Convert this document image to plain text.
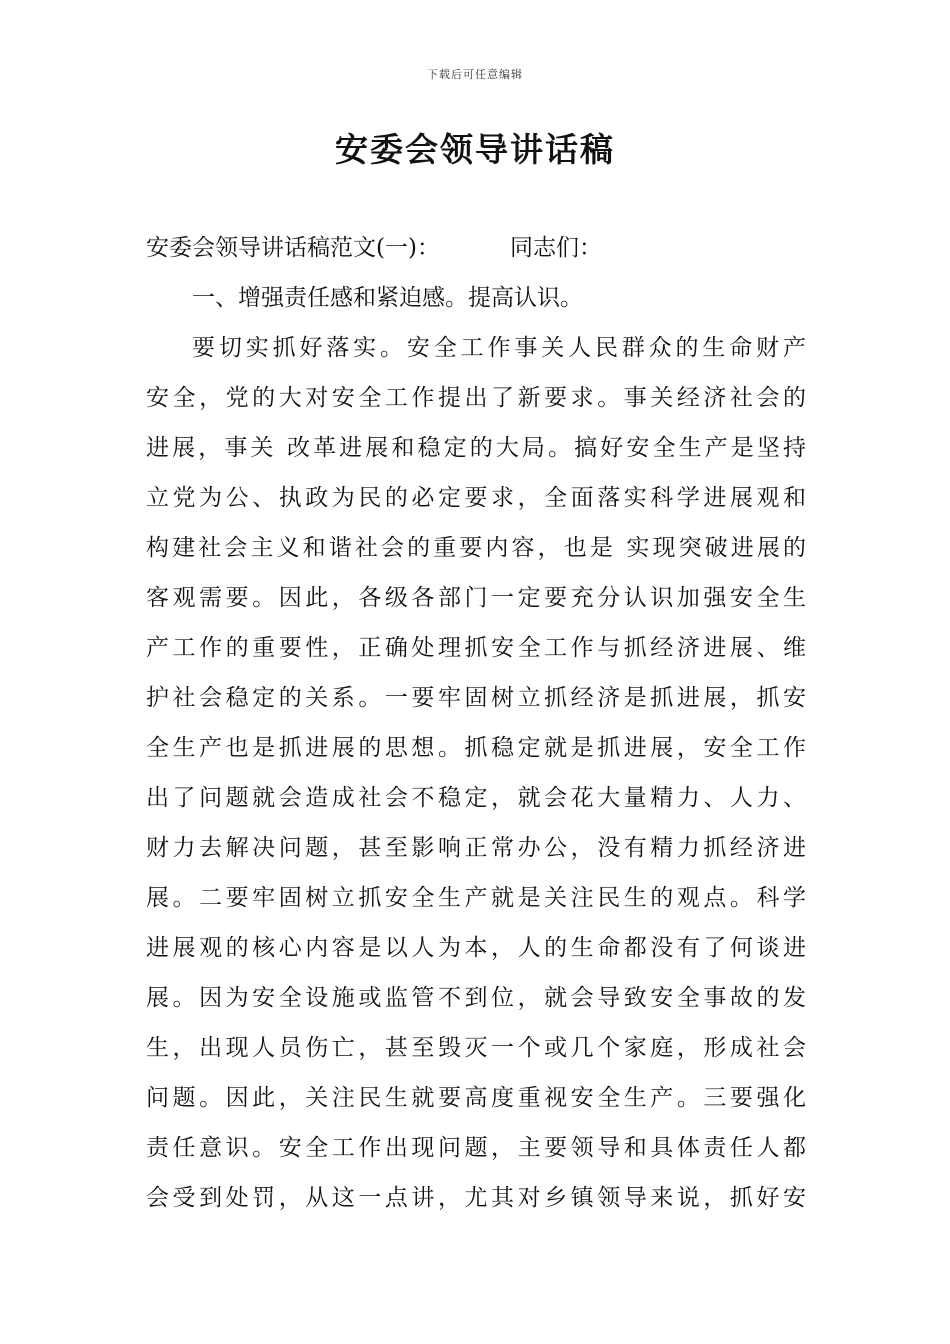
下载后可任意编辑
安委会领导讲话稿
安委会领导讲话稿范文(一)：	同志们：
一、增强责任感和紧迫感。提高认识。
要切实抓好落实。安全工作事关人民群众的生命财产
安全，党的大对安全工作提出了新要求。事关经济社会的
进展，事关 改革进展和稳定的大局。搞好安全生产是坚持
立党为公、执政为民的必定要求，全面落实科学进展观和
构建社会主义和谐社会的重要内容，也是 实现突破进展的
客观需要。因此，各级各部门一定要充分认识加强安全生
产工作的重要性，正确处理抓安全工作与抓经济进展、维
护社会稳定的关系。一要牢固树立抓经济是抓进展，抓安
全生产也是抓进展的思想。抓稳定就是抓进展，安全工作
出了问题就会造成社会不稳定，就会花大量精力、人力、
财力去解决问题，甚至影响正常办公，没有精力抓经济进
展。二要牢固树立抓安全生产就是关注民生的观点。科学
进展观的核心内容是以人为本，人的生命都没有了何谈进
展。因为安全设施或监管不到位，就会导致安全事故的发
生，出现人员伤亡，甚至毁灭一个或几个家庭，形成社会
问题。因此，关注民生就要高度重视安全生产。三要强化
责任意识。安全工作出现问题，主要领导和具体责任人都
会受到处罚，从这一点讲，尤其对乡镇领导来说，抓好安
